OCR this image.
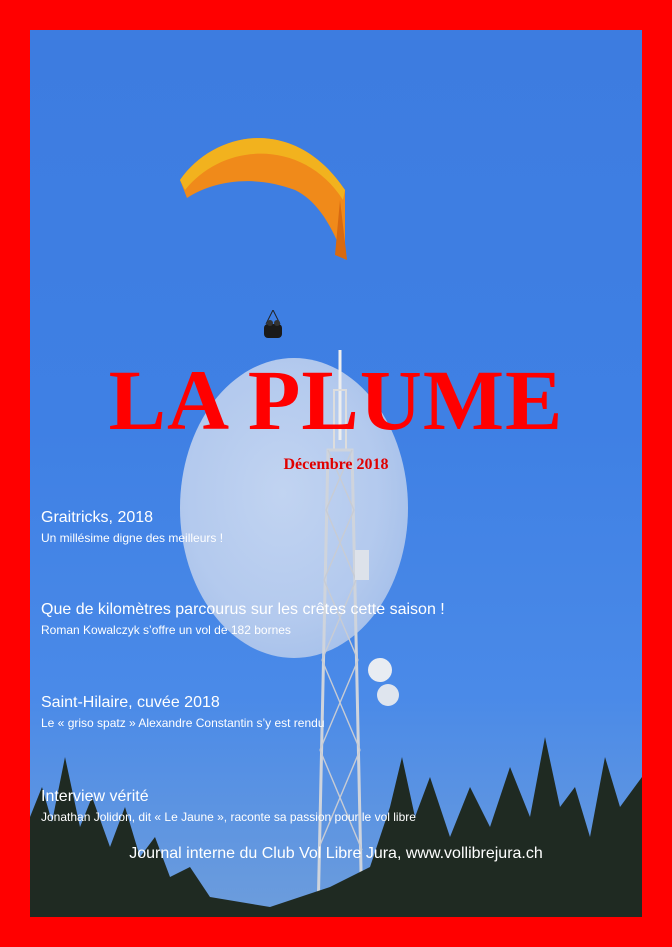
LA PLUME

Décembre 2018

Graitricks, 2018

Un millésime digne des meilleurs !

Que de kilomètres parcourus sur les crêtes cette saison !

Roman Kowalczyk s’offre un vol de 182 bornes

Saint-Hilaire, cuvée 2018

Le « griso spatz » Alexandre Constantin s’y est rendu

Interview vérité

Jonathan Jolidon, dit « Le Jaune », raconte sa passion pour le vol libre

Journal interne du Club Vol Libre Jura, www.vollibrejura.ch
